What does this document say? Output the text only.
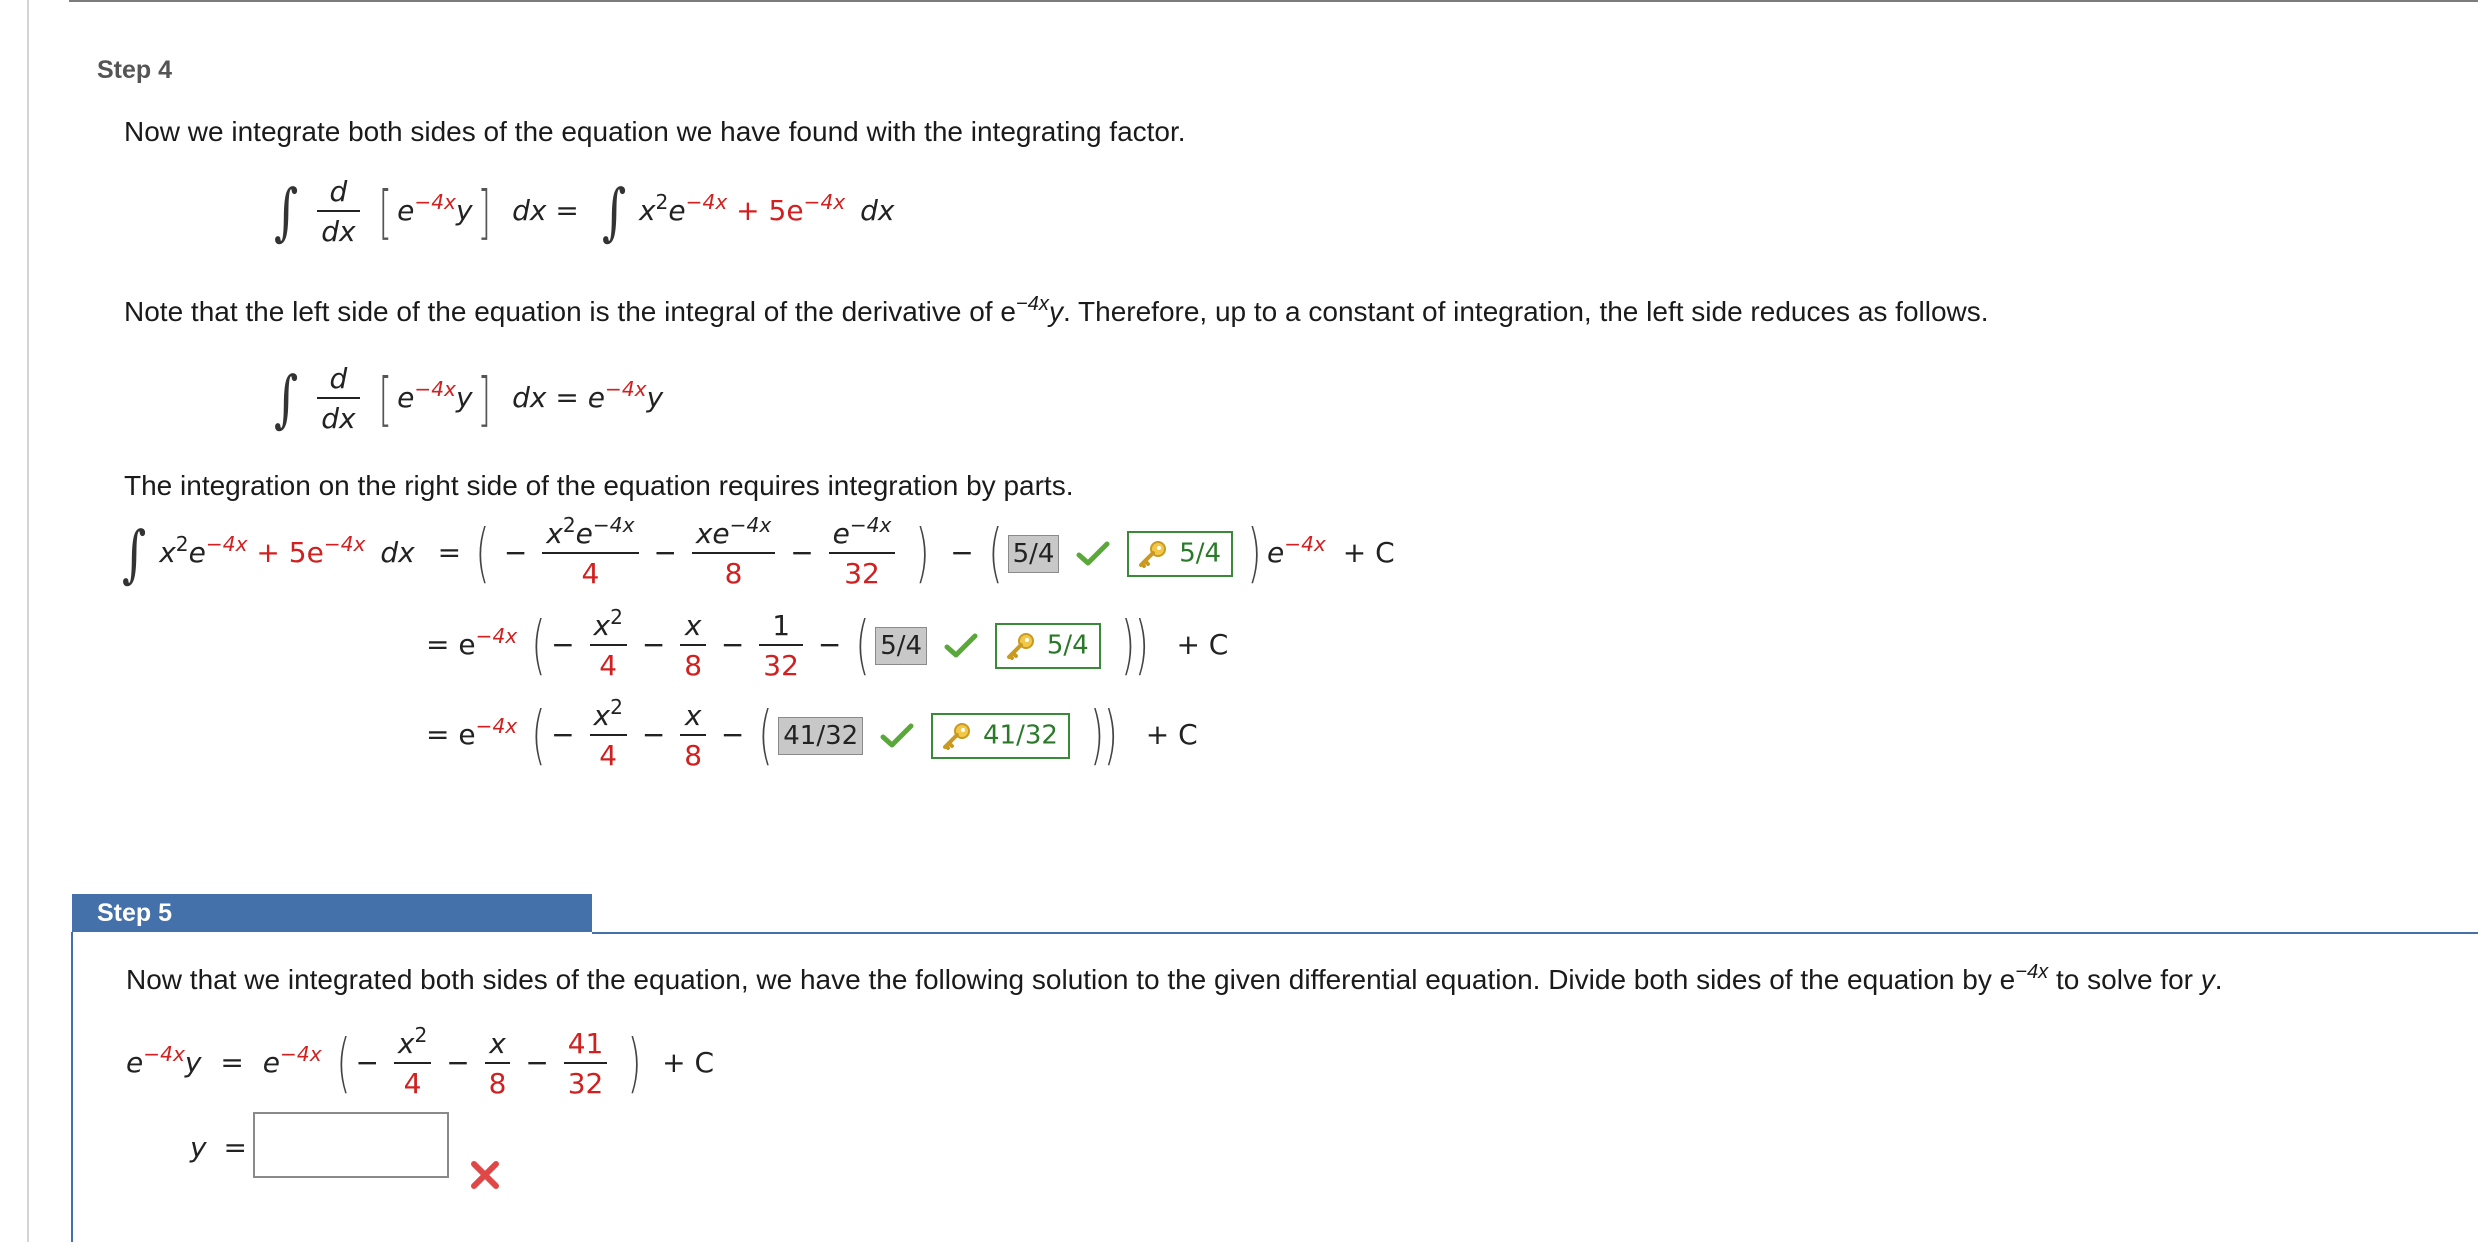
Step 4
Now we integrate both sides of the equation we have found with the integrating factor.
∫ $\frac{d}{dx}$ [ $e^{-4x}y$] dx = ∫ $x^2e^{-4x} + 5e^{-4x}$ dx
Note that the left side of the equation is the integral of the derivative of $e^{-4x}y$. Therefore, up to a constant of integration, the left side reduces as follows.
∫ $\frac{d}{dx}$ [ $e^{-4x}y$] dx = $e^{-4x}y$
The integration on the right side of the equation requires integration by parts.
∫ $x^2e^{-4x} + 5e^{-4x}$ dx = ( − $\frac{x^2e^{-4x}}{4} - \frac{xe^{-4x}}{8} - \frac{e^{-4x}}{32}$ ) − ( 5/4	5/4 ) $e^{-4x} + C$
= $e^{-4x}$ ( − $\frac{x^2}{4} - \frac{x}{8} - \frac{1}{32}$ − ( 5/4	5/4 )) + C
= $e^{-4x}$ ( − $\frac{x^2}{4} - \frac{x}{8}$ − ( 41/32	41/32 )) + C
Step 5
Now that we integrated both sides of the equation, we have the following solution to the given differential equation. Divide both sides of the equation by $e^{-4x}$ to solve for y.
$e^{-4x}y = e^{-4x}$ ( − $\frac{x^2}{4} - \frac{x}{8} - \frac{41}{32}$ ) + C
y =
